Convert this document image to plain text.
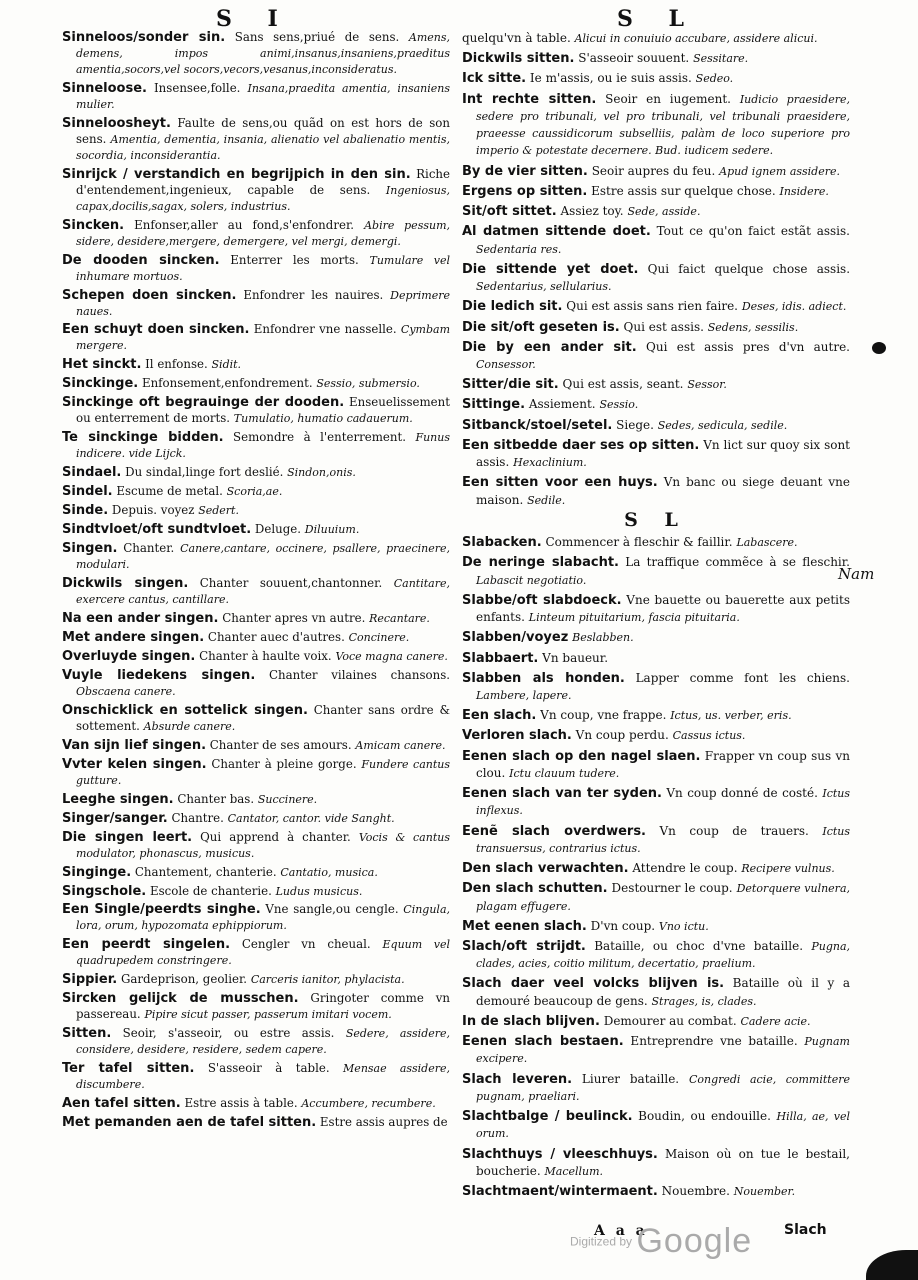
S I	S L
Sinneloos/sonder sin. Sans sens,priué de sens. Amens, demens, impos animi,insanus,insaniens,praeditus amentia,socors,vel socors,vecors,vesanus,inconsideratus.
Sinneloose. Insensee,folle. Insana,praedita amentia, insaniens mulier.
Sinneloosheyt. Faulte de sens,ou quãd on est hors de son sens. Amentia, dementia, insania, alienatio vel abalienatio mentis, socordia, inconsiderantia.
Sinrijck / verstandich en begrijpich in den sin. Riche d'entendement,ingenieux, capable de sens. Ingeniosus, capax,docilis,sagax, solers, industrius.
Sincken. Enfonser,aller au fond,s'enfondrer. Abire pessum, sidere, desidere,mergere, demergere, vel mergi, demergi.
De dooden sincken. Enterrer les morts. Tumulare vel inhumare mortuos.
Schepen doen sincken. Enfondrer les nauires. Deprimere naues.
Een schuyt doen sincken. Enfondrer vne nasselle. Cymbam mergere.
Het sinckt. Il enfonse. Sidit.
Sinckinge. Enfonsement,enfondrement. Sessio, submersio.
Sinckinge oft begrauinge der dooden. Enseuelissement ou enterrement de morts. Tumulatio, humatio cadauerum.
Te sinckinge bidden. Semondre à l'enterrement. Funus indicere. vide Lijck.
Sindael. Du sindal,linge fort deslié. Sindon,onis.
Sindel. Escume de metal. Scoria,ae.
Sinde. Depuis. voyez Sedert.
Sindtvloet/oft sundtvloet. Deluge. Diluuium.
Singen. Chanter. Canere,cantare, occinere, psallere, praecinere, modulari.
Dickwils singen. Chanter souuent,chantonner. Cantitare, exercere cantus, cantillare.
Na een ander singen. Chanter apres vn autre. Recantare.
Met andere singen. Chanter auec d'autres. Concinere.
Overluyde singen. Chanter à haulte voix. Voce magna canere.
Vuyle liedekens singen. Chanter vilaines chansons. Obscaena canere.
Onschicklick en sottelick singen. Chanter sans ordre & sottement. Absurde canere.
Van sijn lief singen. Chanter de ses amours. Amicam canere.
Vvter kelen singen. Chanter à pleine gorge. Fundere cantus gutture.
Leeghe singen. Chanter bas. Succinere.
Singer/sanger. Chantre. Cantator, cantor. vide Sanght.
Die singen leert. Qui apprend à chanter. Vocis & cantus modulator, phonascus, musicus.
Singinge. Chantement, chanterie. Cantatio, musica.
Singschole. Escole de chanterie. Ludus musicus.
Een Single/peerdts singhe. Vne sangle,ou cengle. Cingula, lora, orum, hypozomata ephippiorum.
Een peerdt singelen. Cengler vn cheual. Equum vel quadrupedem constringere.
Sippier. Gardeprison, geolier. Carceris ianitor, phylacista.
Sircken gelijck de musschen. Gringoter comme vn passereau. Pipire sicut passer, passerum imitari vocem.
Sitten. Seoir, s'asseoir, ou estre assis. Sedere, assidere, considere, desidere, residere, sedem capere.
Ter tafel sitten. S'asseoir à table. Mensae assidere, discumbere.
Aen tafel sitten. Estre assis à table. Accumbere, recumbere.
Met pemanden aen de tafel sitten. Estre assis aupres de
quelqu'vn à table. Alicui in conuiuio accubare, assidere alicui.
Dickwils sitten. S'asseoir souuent. Sessitare.
Ick sitte. Ie m'assis, ou ie suis assis. Sedeo.
Int rechte sitten. Seoir en iugement. Iudicio praesidere, sedere pro tribunali, vel pro tribunali, vel tribunali praesidere, praeesse caussidicorum subselliis, palàm de loco superiore pro imperio & potestate decernere. Bud. iudicem sedere.
By de vier sitten. Seoir aupres du feu. Apud ignem assidere.
Ergens op sitten. Estre assis sur quelque chose. Insidere.
Sit/oft sittet. Assiez toy. Sede, asside.
Al datmen sittende doet. Tout ce qu'on faict estãt assis. Sedentaria res.
Die sittende yet doet. Qui faict quelque chose assis. Sedentarius, sellularius.
Die ledich sit. Qui est assis sans rien faire. Deses, idis. adiect.
Die sit/oft geseten is. Qui est assis. Sedens, sessilis.
Die by een ander sit. Qui est assis pres d'vn autre. Consessor.
Sitter/die sit. Qui est assis, seant. Sessor.
Sittinge. Assiement. Sessio.
Sitbanck/stoel/setel. Siege. Sedes, sedicula, sedile.
Een sitbedde daer ses op sitten. Vn lict sur quoy six sont assis. Hexaclinium.
Een sitten voor een huys. Vn banc ou siege deuant vne maison. Sedile.
S L
Slabacken. Commencer à fleschir & faillir. Labascere.
De neringe slabacht. La traffique commẽce à se fleschir. Labascit negotiatio.
Slabbe/oft slabdoeck. Vne bauette ou bauerette aux petits enfants. Linteum pituitarium, fascia pituitaria.
Slabben/voyez Beslabben.
Slabbaert. Vn baueur.
Slabben als honden. Lapper comme font les chiens. Lambere, lapere.
Een slach. Vn coup, vne frappe. Ictus, us. verber, eris.
Verloren slach. Vn coup perdu. Cassus ictus.
Eenen slach op den nagel slaen. Frapper vn coup sus vn clou. Ictu clauum tudere.
Eenen slach van ter syden. Vn coup donné de costé. Ictus inflexus.
Eenẽ slach overdwers. Vn coup de trauers. Ictus transuersus, contrarius ictus.
Den slach verwachten. Attendre le coup. Recipere vulnus.
Den slach schutten. Destourner le coup. Detorquere vulnera, plagam effugere.
Met eenen slach. D'vn coup. Vno ictu.
Slach/oft strijdt. Bataille, ou choc d'vne bataille. Pugna, clades, acies, coitio militum, decertatio, praelium.
Slach daer veel volcks blijven is. Bataille où il y a demouré beaucoup de gens. Strages, is, clades.
In de slach blijven. Demourer au combat. Cadere acie.
Eenen slach bestaen. Entreprendre vne bataille. Pugnam excipere.
Slach leveren. Liurer bataille. Congredi acie, committere pugnam, praeliari.
Slachtbalge / beulinck. Boudin, ou endouille. Hilla, ae, vel orum.
Slachthuys / vleeschhuys. Maison où on tue le bestail, boucherie. Macellum.
Slachtmaent/wintermaent. Nouembre. Nouember.
Nam
A a a	Slach
Digitized by Google
